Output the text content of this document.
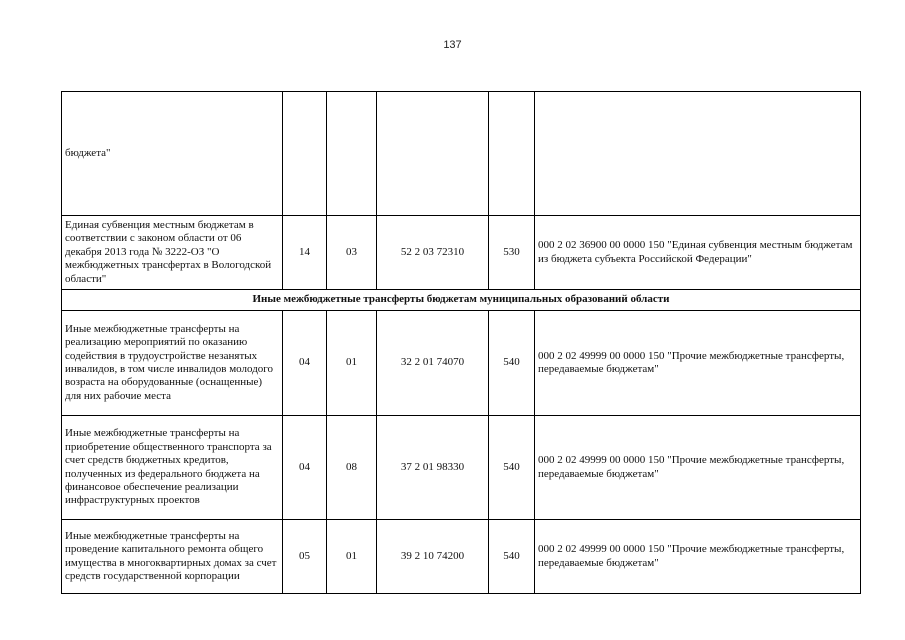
137
бюджета"					
Единая субвенция местным бюджетам в соответствии с законом области от 06 декабря 2013 года № 3222-ОЗ "О межбюджетных трансфертах в Вологодской области"	14	03	52 2 03 72310	530	000 2 02 36900 00 0000 150 "Единая субвенция местным бюджетам из бюджета субъекта Российской Федерации"
Иные межбюджетные трансферты бюджетам муниципальных образований области					
Иные межбюджетные трансферты на реализацию мероприятий по оказанию содействия в трудоустройстве незанятых инвалидов, в том числе инвалидов молодого возраста на оборудованные (оснащенные) для них рабочие места	04	01	32 2 01 74070	540	000 2 02 49999 00 0000 150 "Прочие межбюджетные трансферты, передаваемые бюджетам"
Иные межбюджетные трансферты на приобретение общественного транспорта за счет средств бюджетных кредитов, полученных из федерального бюджета на финансовое обеспечение реализации инфраструктурных проектов	04	08	37 2 01 98330	540	000 2 02 49999 00 0000 150 "Прочие межбюджетные трансферты, передаваемые бюджетам"
Иные межбюджетные трансферты на проведение капитального ремонта общего имущества в многоквартирных домах за счет средств государственной корпорации	05	01	39 2 10 74200	540	000 2 02 49999 00 0000 150 "Прочие межбюджетные трансферты, передаваемые бюджетам"
